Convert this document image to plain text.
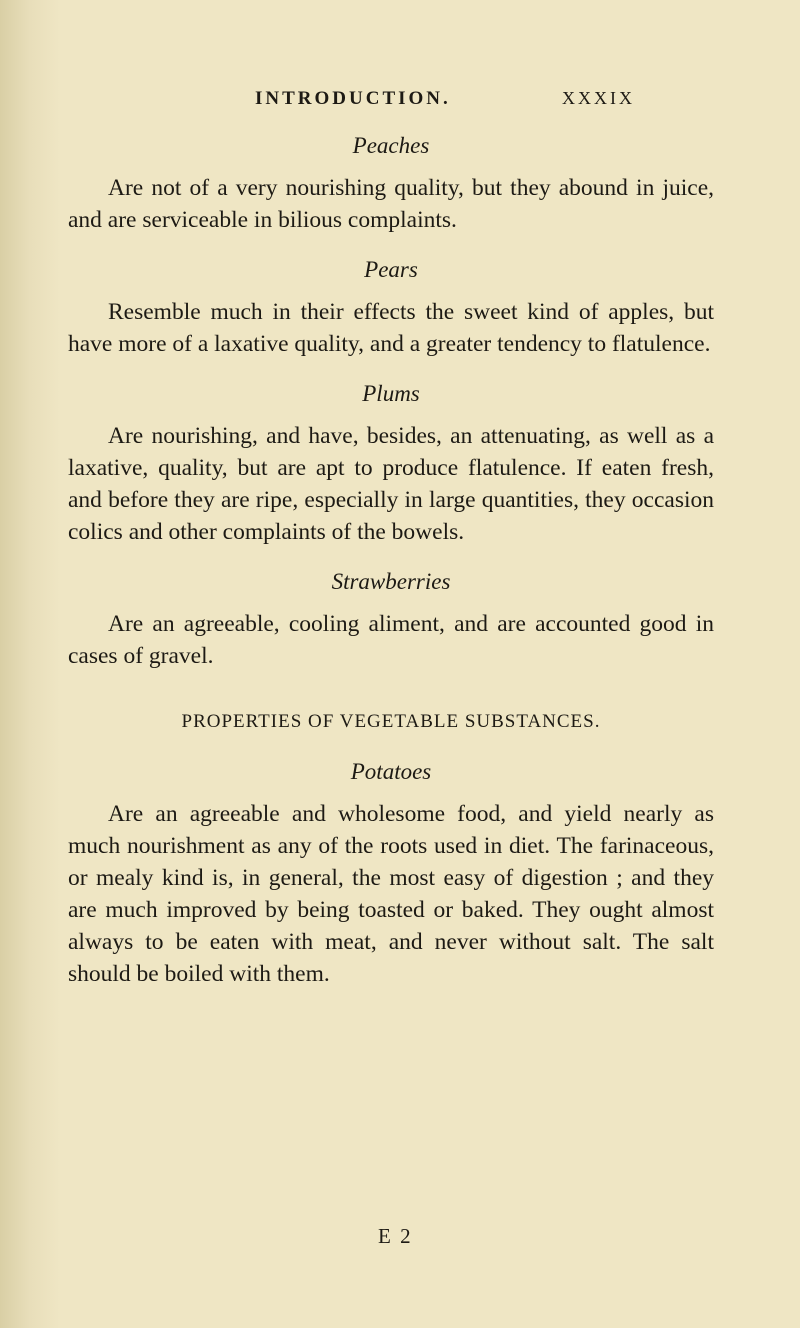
INTRODUCTION.	XXXIX
Peaches

Are not of a very nourishing quality, but they abound in juice, and are serviceable in bilious complaints.

Pears

Resemble much in their effects the sweet kind of apples, but have more of a laxative quality, and a greater tendency to flatulence.

Plums

Are nourishing, and have, besides, an attenuating, as well as a laxative, quality, but are apt to produce flatulence. If eaten fresh, and before they are ripe, especially in large quantities, they occasion colics and other complaints of the bowels.

Strawberries

Are an agreeable, cooling aliment, and are accounted good in cases of gravel.

PROPERTIES OF VEGETABLE SUBSTANCES.
Potatoes

Are an agreeable and wholesome food, and yield nearly as much nourishment as any of the roots used in diet. The farinaceous, or mealy kind is, in general, the most easy of digestion ; and they are much improved by being toasted or baked. They ought almost always to be eaten with meat, and never without salt. The salt should be boiled with them.

E 2
